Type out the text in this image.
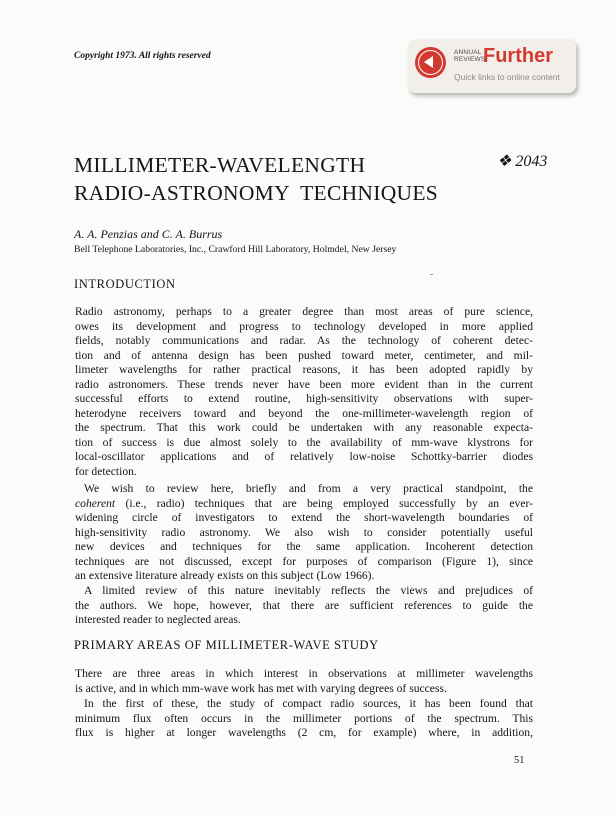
Copyright 1973. All rights reserved	ANNUAL
REVIEWS
Further
Quick links to online content
MILLIMETER-WAVELENGTH
RADIO-ASTRONOMY  TECHNIQUES
❖ 2043
A. A. Penzias and C. A. Burrus
Bell Telephone Laboratories, Inc., Crawford Hill Laboratory, Holmdel, New Jersey
INTRODUCTION
Radio astronomy, perhaps to a greater degree than most areas of pure science,
owes its development and progress to technology developed in more applied
fields, notably communications and radar. As the technology of coherent detec-
tion and of antenna design has been pushed toward meter, centimeter, and mil-
limeter wavelengths for rather practical reasons, it has been adopted rapidly by
radio astronomers. These trends never have been more evident than in the current
successful efforts to extend routine, high-sensitivity observations with super-
heterodyne receivers toward and beyond the one-millimeter-wavelength region of
the spectrum. That this work could be undertaken with any reasonable expecta-
tion of success is due almost solely to the availability of mm-wave klystrons for
local-oscillator applications and of relatively low-noise Schottky-barrier diodes
for detection.
We wish to review here, briefly and from a very practical standpoint, the
coherent (i.e., radio) techniques that are being employed successfully by an ever-
widening circle of investigators to extend the short-wavelength boundaries of
high-sensitivity radio astronomy. We also wish to consider potentially useful
new devices and techniques for the same application. Incoherent detection
techniques are not discussed, except for purposes of comparison (Figure 1), since
an extensive literature already exists on this subject (Low 1966).
A limited review of this nature inevitably reflects the views and prejudices of
the authors. We hope, however, that there are sufficient references to guide the
interested reader to neglected areas.
PRIMARY AREAS OF MILLIMETER-WAVE STUDY
There are three areas in which interest in observations at millimeter wavelengths
is active, and in which mm-wave work has met with varying degrees of success.
In the first of these, the study of compact radio sources, it has been found that
minimum flux often occurs in the millimeter portions of the spectrum. This
flux is higher at longer wavelengths (2 cm, for example) where, in addition,
51
